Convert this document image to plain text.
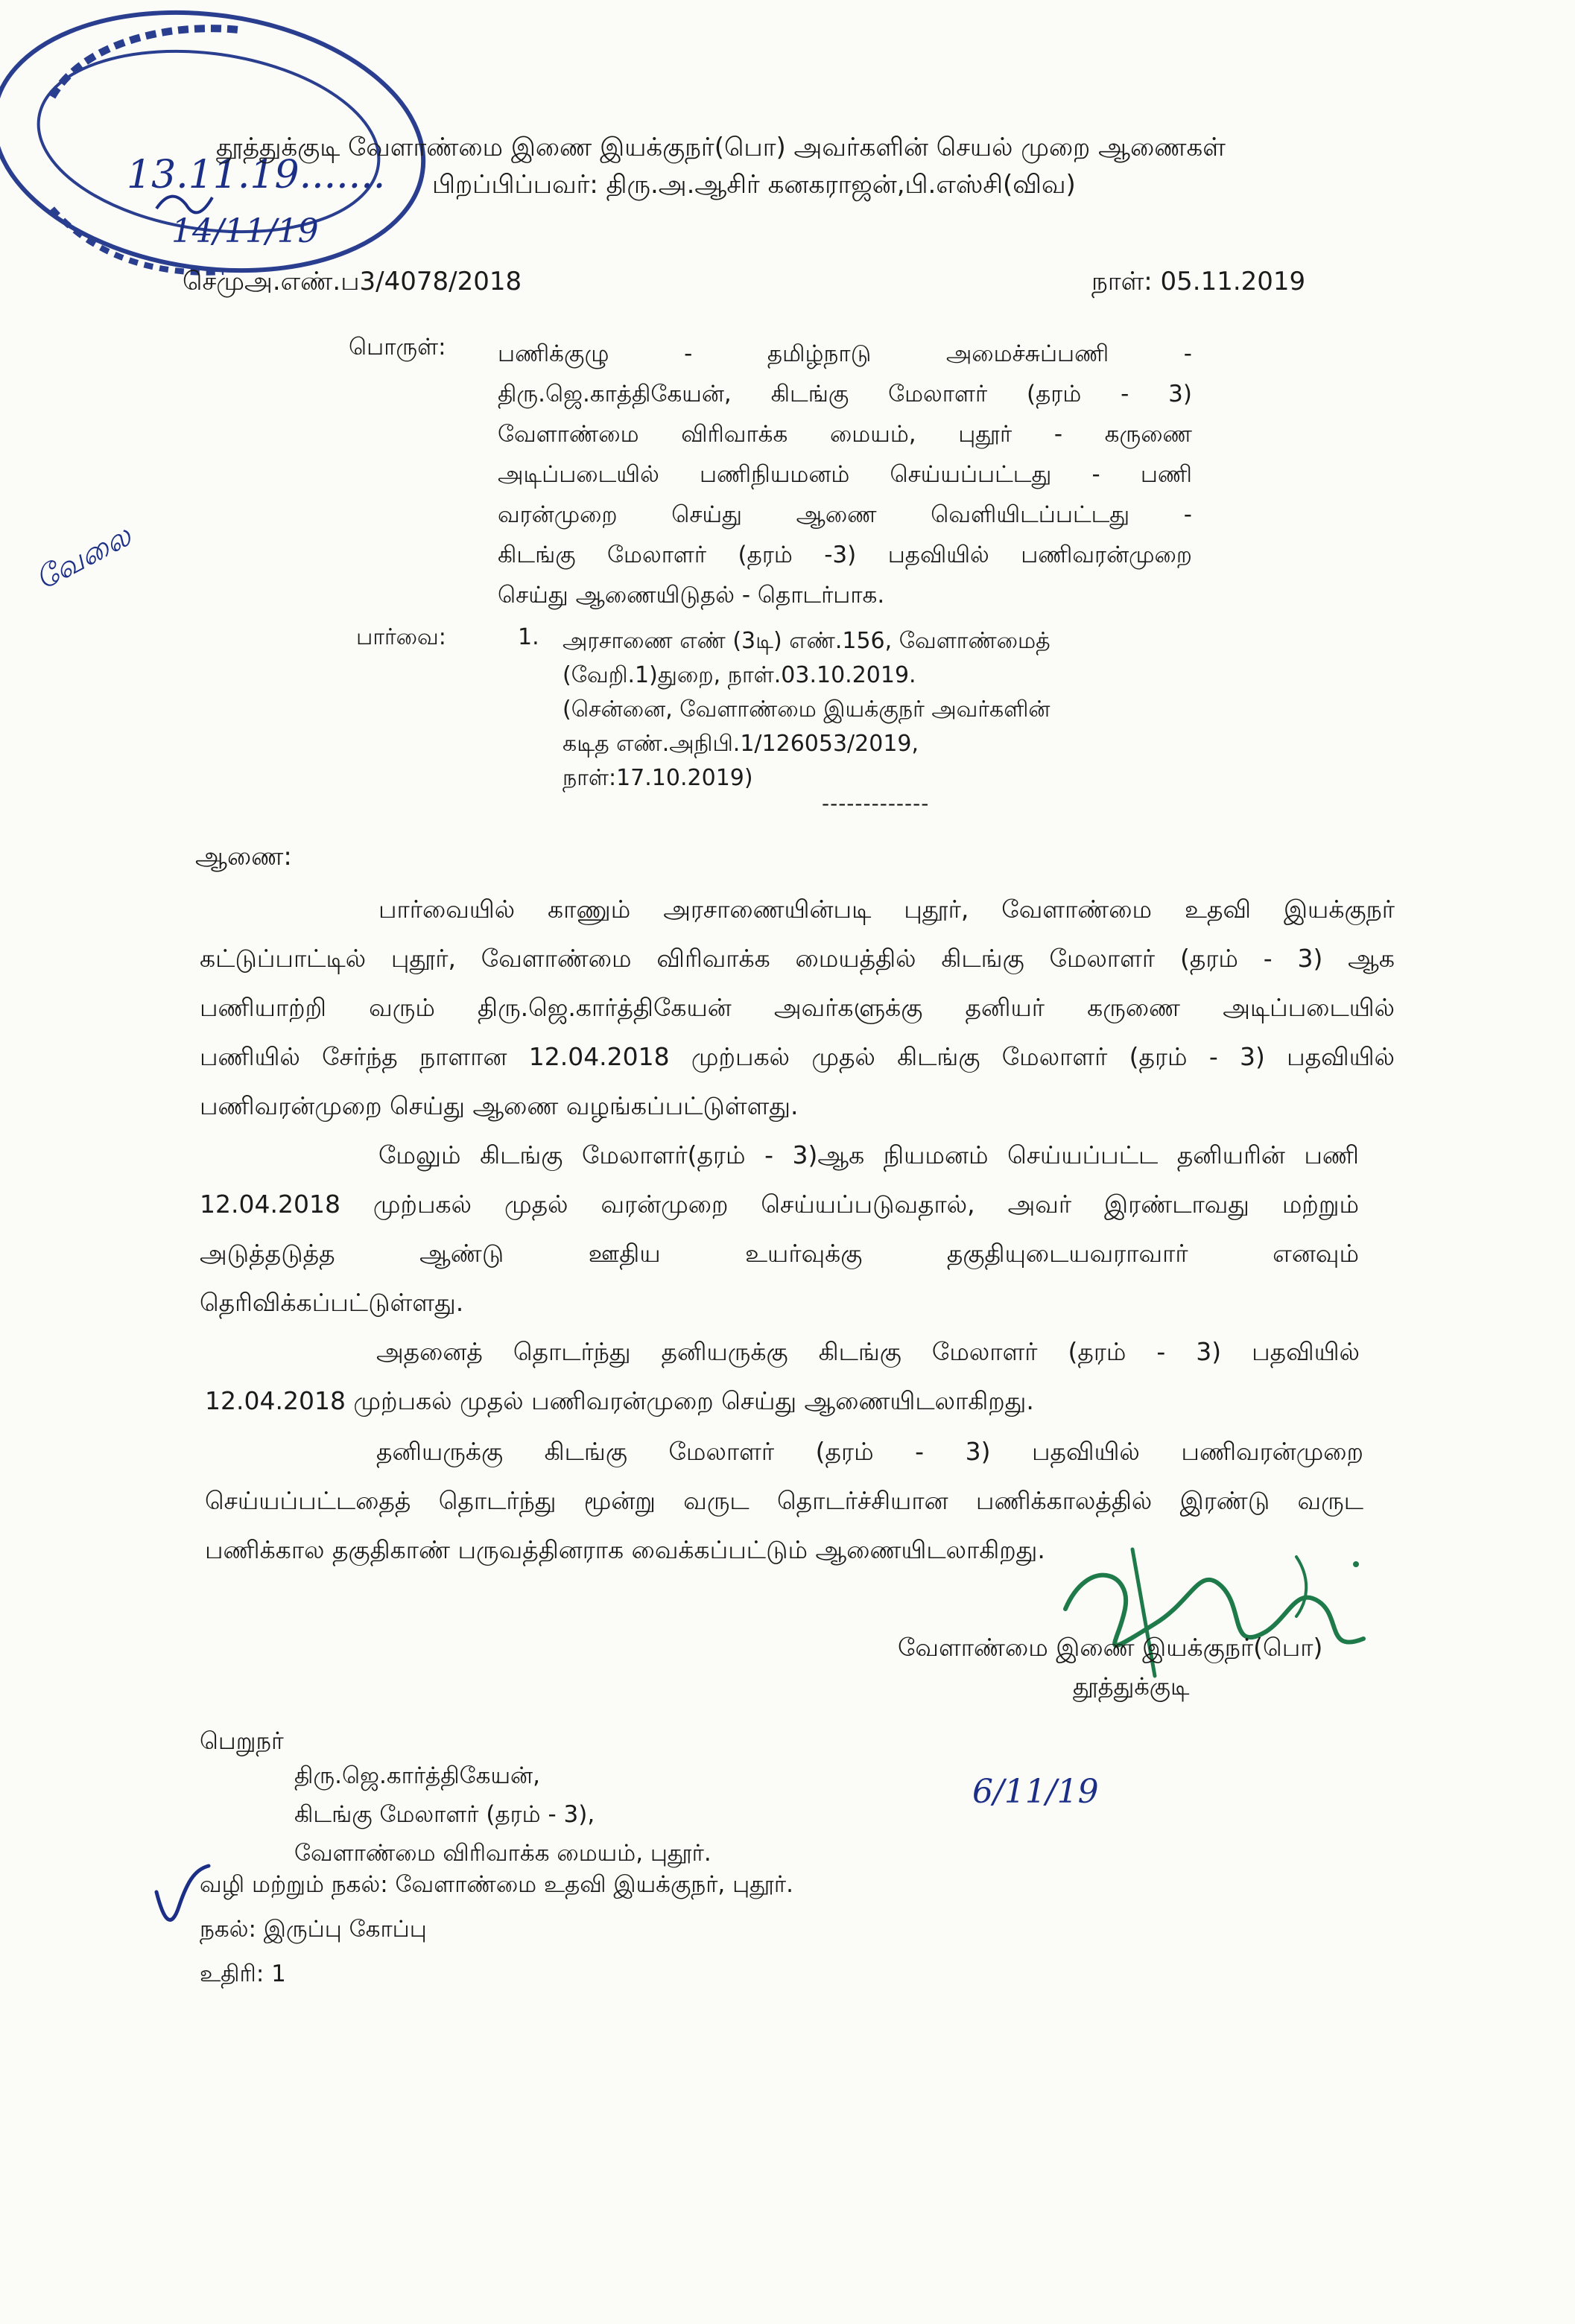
13.11.19.......
14/11/19
தூத்துக்குடி வேளாண்மை இணை இயக்குநர்(பொ) அவர்களின் செயல் முறை ஆணைகள்
பிறப்பிப்பவர்: திரு.அ.ஆசிர் கனகராஜன்,பி.எஸ்சி(விவ)
செமுஅ.எண்.ப3/4078/2018	நாள்: 05.11.2019
பொருள்: பணிக்குழு - தமிழ்நாடு அமைச்சுப்பணி -
திரு.ஜெ.காத்திகேயன், கிடங்கு மேலாளர் (தரம் - 3)
வேளாண்மை விரிவாக்க மையம், புதூர் - கருணை
அடிப்படையில் பணிநியமனம் செய்யப்பட்டது - பணி
வரன்முறை செய்து ஆணை வெளியிடப்பட்டது -
கிடங்கு மேலாளர் (தரம் -3) பதவியில் பணிவரன்முறை
செய்து ஆணையிடுதல் - தொடர்பாக.
பார்வை:	1. அரசாணை எண் (3டி) எண்.156, வேளாண்மைத்
(வேறி.1)துறை, நாள்.03.10.2019.
(சென்னை, வேளாண்மை இயக்குநர் அவர்களின்
கடித எண்.அநிபி.1/126053/2019,
நாள்:17.10.2019)
-------------
வேலை
ஆணை:
பார்வையில் காணும் அரசாணையின்படி புதூர், வேளாண்மை உதவி இயக்குநர்
கட்டுப்பாட்டில் புதூர், வேளாண்மை விரிவாக்க மையத்தில் கிடங்கு மேலாளர் (தரம் - 3) ஆக
பணியாற்றி வரும் திரு.ஜெ.கார்த்திகேயன் அவர்களுக்கு தனியர் கருணை அடிப்படையில்
பணியில் சேர்ந்த நாளான 12.04.2018 முற்பகல் முதல் கிடங்கு மேலாளர் (தரம் - 3) பதவியில்
பணிவரன்முறை செய்து ஆணை வழங்கப்பட்டுள்ளது.
மேலும் கிடங்கு மேலாளர்(தரம் - 3)ஆக நியமனம் செய்யப்பட்ட தனியரின் பணி
12.04.2018 முற்பகல் முதல் வரன்முறை செய்யப்படுவதால், அவர் இரண்டாவது மற்றும்
அடுத்தடுத்த ஆண்டு ஊதிய உயர்வுக்கு தகுதியுடையவராவார் எனவும்
தெரிவிக்கப்பட்டுள்ளது.
அதனைத் தொடர்ந்து தனியருக்கு கிடங்கு மேலாளர் (தரம் - 3) பதவியில்
12.04.2018 முற்பகல் முதல் பணிவரன்முறை செய்து ஆணையிடலாகிறது.
தனியருக்கு கிடங்கு மேலாளர் (தரம் - 3) பதவியில் பணிவரன்முறை
செய்யப்பட்டதைத் தொடர்ந்து மூன்று வருட தொடர்ச்சியான பணிக்காலத்தில் இரண்டு வருட
பணிக்கால தகுதிகாண் பருவத்தினராக வைக்கப்பட்டும் ஆணையிடலாகிறது.
வேளாண்மை இணை இயக்குநர்(பொ)
தூத்துக்குடி
பெறுநர்
திரு.ஜெ.கார்த்திகேயன்,
கிடங்கு மேலாளர் (தரம் - 3),
வேளாண்மை விரிவாக்க மையம், புதூர்.
6/11/19
வழி மற்றும் நகல்: வேளாண்மை உதவி இயக்குநர், புதூர்.
நகல்: இருப்பு கோப்பு
உதிரி: 1
